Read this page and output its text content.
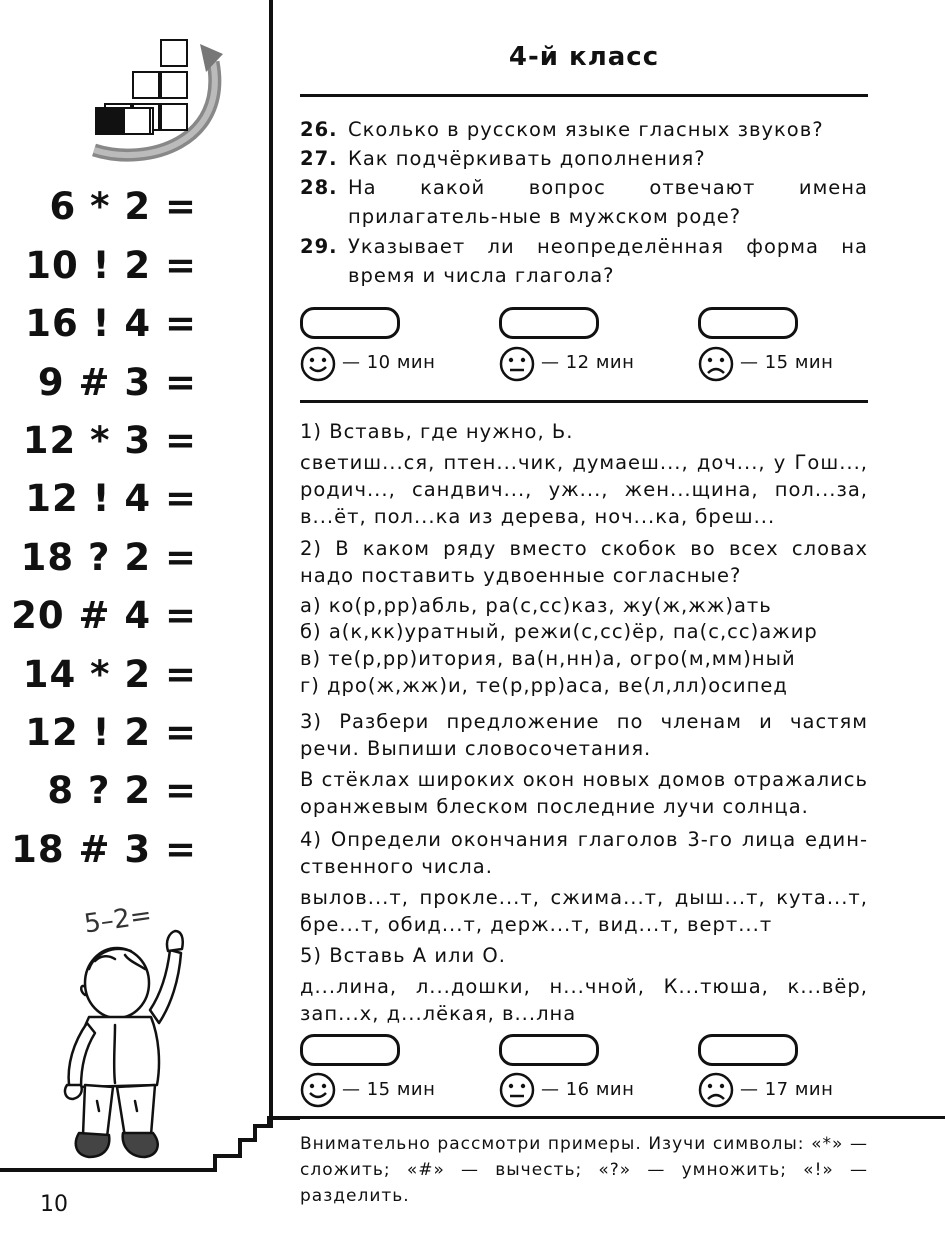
6 * 2 =
10 ! 2 =
16 ! 4 =
9 # 3 =
12 * 3 =
12 ! 4 =
18 ? 2 =
20 # 4 =
14 * 2 =
12 ! 2 =
8 ? 2 =
18 # 3 =
5–2=
4-й класс
26. Сколько в русском языке гласных звуков?
27. Как подчёркивать дополнения?
28. На какой вопрос отвечают имена прилагатель-ные в мужском роде?
29. Указывает ли неопределённая форма на время и числа глагола?
— 10 мин	— 12 мин	— 15 мин
1) Вставь, где нужно, Ь.
светиш...ся, птен...чик, думаеш..., доч..., у Гош..., родич..., сандвич..., уж..., жен...щина, пол...за, в...ёт, пол...ка из дерева, ноч...ка, бреш...
2) В каком ряду вместо скобок во всех словах надо поставить удвоенные согласные?
а) ко(р,рр)абль, ра(с,сс)каз, жу(ж,жж)ать
б) а(к,кк)уратный, режи(с,сс)ёр, па(с,сс)ажир
в) те(р,рр)итория, ва(н,нн)а, огро(м,мм)ный
г) дро(ж,жж)и, те(р,рр)аса, ве(л,лл)осипед
3) Разбери предложение по членам и частям речи. Выпиши словосочетания.
В стёклах широких окон новых домов отражались оранжевым блеском последние лучи солнца.
4) Определи окончания глаголов 3-го лица един-ственного числа.
вылов...т, прокле...т, сжима...т, дыш...т, кута...т, бре...т, обид...т, держ...т, вид...т, верт...т
5) Вставь А или О.
д...лина, л...дошки, н...чной, К...тюша, к...вёр, зап...х, д...лёкая, в...лна
— 15 мин	— 16 мин	— 17 мин
Внимательно рассмотри примеры. Изучи символы: «*» — сложить; «#» — вычесть; «?» — умножить; «!» — разделить.
10
